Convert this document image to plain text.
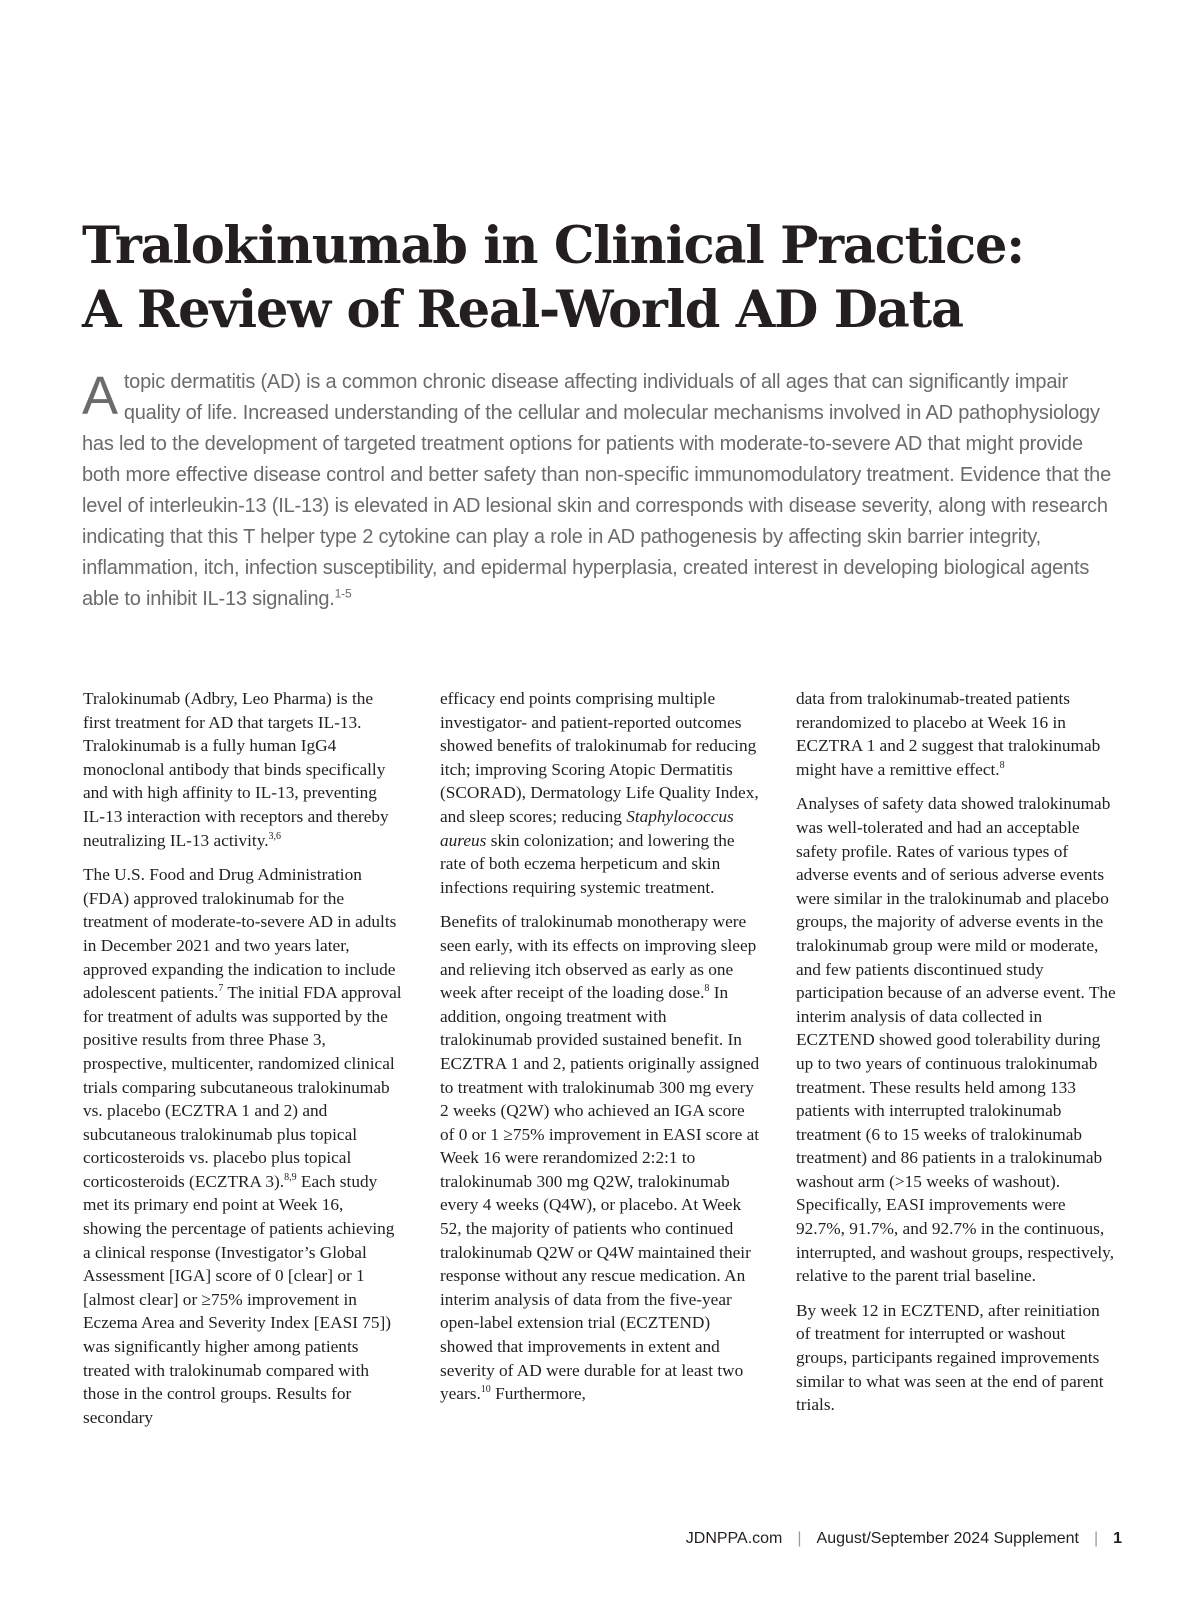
Tralokinumab in Clinical Practice:
A Review of Real-World AD Data
Atopic dermatitis (AD) is a common chronic disease affecting individuals of all ages that can significantly impair quality of life. Increased understanding of the cellular and molecular mechanisms involved in AD pathophysiology has led to the development of targeted treatment options for patients with moderate-to-severe AD that might provide both more effective disease control and better safety than non-specific immunomodulatory treatment. Evidence that the level of interleukin-13 (IL-13) is elevated in AD lesional skin and corresponds with disease severity, along with research indicating that this T helper type 2 cytokine can play a role in AD pathogenesis by affecting skin barrier integrity, inflammation, itch, infection susceptibility, and epidermal hyperplasia, created interest in developing biological agents able to inhibit IL-13 signaling.$^{1-5}$

Tralokinumab (Adbry, Leo Pharma) is the first treatment for AD that targets IL-13. Tralokinumab is a fully human IgG4 monoclonal antibody that binds specifically and with high affinity to IL-13, preventing IL-13 interaction with receptors and thereby neutralizing IL-13 activity.$^{3,6}$

The U.S. Food and Drug Administration (FDA) approved tralokinumab for the treatment of moderate-to-severe AD in adults in December 2021 and two years later, approved expanding the indication to include adolescent patients.$^7$ The initial FDA approval for treatment of adults was supported by the positive results from three Phase 3, prospective, multicenter, randomized clinical trials comparing subcutaneous tralokinumab vs. placebo (ECZTRA 1 and 2) and subcutaneous tralokinumab plus topical corticosteroids vs. placebo plus topical corticosteroids (ECZTRA 3).$^{8,9}$ Each study met its primary end point at Week 16, showing the percentage of patients achieving a clinical response (Investigator’s Global Assessment [IGA] score of 0 [clear] or 1 [almost clear] or ≥75% improvement in Eczema Area and Severity Index [EASI 75]) was significantly higher among patients treated with tralokinumab compared with those in the control groups. Results for secondary

efficacy end points comprising multiple investigator- and patient-reported outcomes showed benefits of tralokinumab for reducing itch; improving Scoring Atopic Dermatitis (SCORAD), Dermatology Life Quality Index, and sleep scores; reducing Staphylococcus aureus skin colonization; and lowering the rate of both eczema herpeticum and skin infections requiring systemic treatment.

Benefits of tralokinumab monotherapy were seen early, with its effects on improving sleep and relieving itch observed as early as one week after receipt of the loading dose.$^8$ In addition, ongoing treatment with tralokinumab provided sustained benefit. In ECZTRA 1 and 2, patients originally assigned to treatment with tralokinumab 300 mg every 2 weeks (Q2W) who achieved an IGA score of 0 or 1 ≥75% improvement in EASI score at Week 16 were rerandomized 2:2:1 to tralokinumab 300 mg Q2W, tralokinumab every 4 weeks (Q4W), or placebo. At Week 52, the majority of patients who continued tralokinumab Q2W or Q4W maintained their response without any rescue medication. An interim analysis of data from the five-year open-label extension trial (ECZTEND) showed that improvements in extent and severity of AD were durable for at least two years.$^{10}$ Furthermore,

data from tralokinumab-treated patients rerandomized to placebo at Week 16 in ECZTRA 1 and 2 suggest that tralokinumab might have a remittive effect.$^8$

Analyses of safety data showed tralokinumab was well-tolerated and had an acceptable safety profile. Rates of various types of adverse events and of serious adverse events were similar in the tralokinumab and placebo groups, the majority of adverse events in the tralokinumab group were mild or moderate, and few patients discontinued study participation because of an adverse event. The interim analysis of data collected in ECZTEND showed good tolerability during up to two years of continuous tralokinumab treatment. These results held among 133 patients with interrupted tralokinumab treatment (6 to 15 weeks of tralokinumab treatment) and 86 patients in a tralokinumab washout arm (>15 weeks of washout). Specifically, EASI improvements were 92.7%, 91.7%, and 92.7% in the continuous, interrupted, and washout groups, respectively, relative to the parent trial baseline.

By week 12 in ECZTEND, after reinitiation of treatment for interrupted or washout groups, participants regained improvements similar to what was seen at the end of parent trials.

JDNPPA.com | August/September 2024 Supplement | 1
